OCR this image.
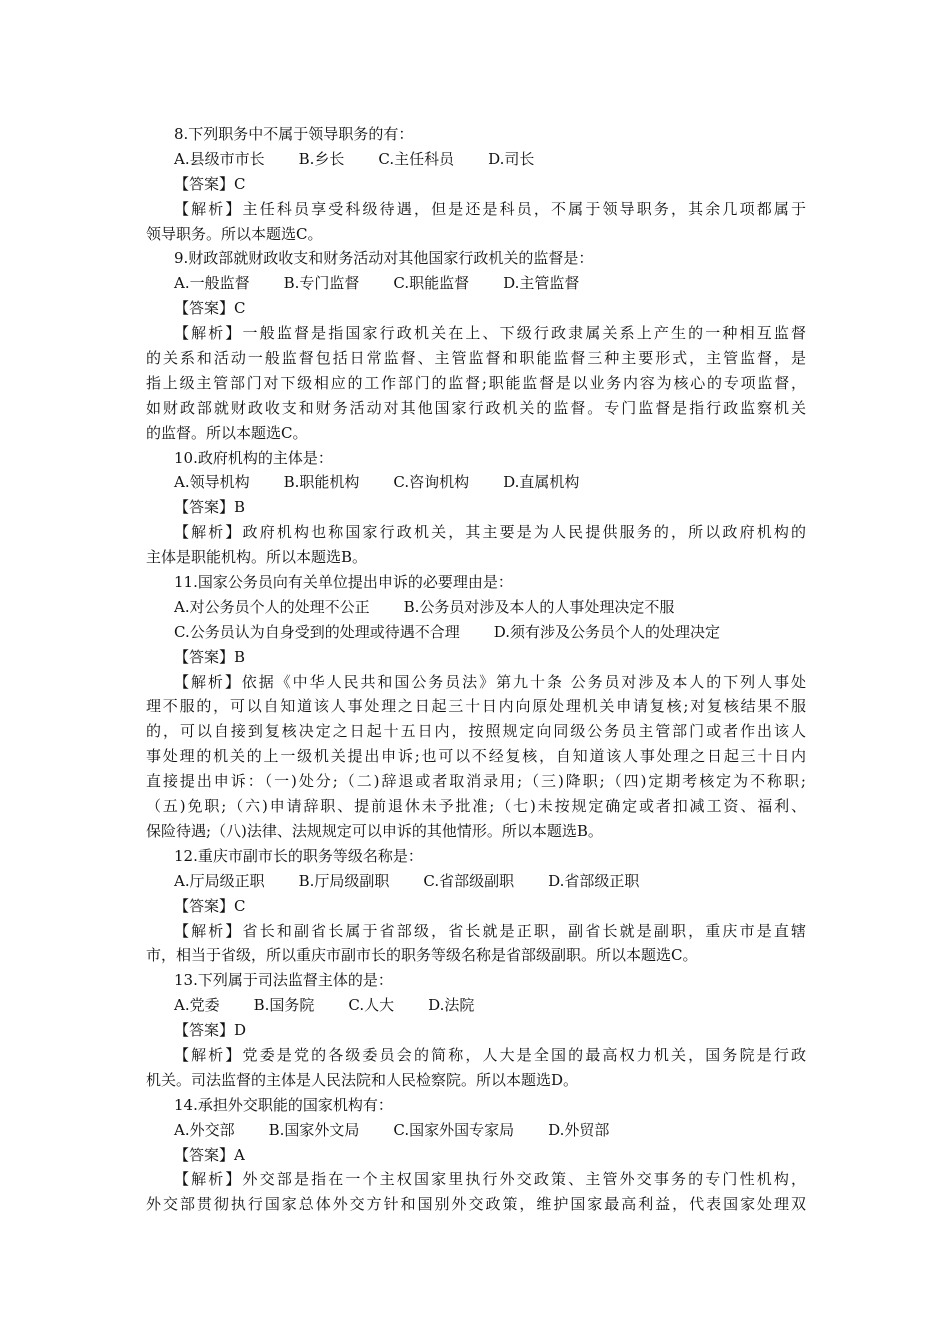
8.下列职务中不属于领导职务的有：
A.县级市市长 B.乡长 C.主任科员 D.司长
【答案】C
【解析】主任科员享受科级待遇，但是还是科员，不属于领导职务，其余几项都属于
领导职务。所以本题选C。
9.财政部就财政收支和财务活动对其他国家行政机关的监督是：
A.一般监督 B.专门监督 C.职能监督 D.主管监督
【答案】C
【解析】一般监督是指国家行政机关在上、下级行政隶属关系上产生的一种相互监督
的关系和活动一般监督包括日常监督、主管监督和职能监督三种主要形式，主管监督，是
指上级主管部门对下级相应的工作部门的监督;职能监督是以业务内容为核心的专项监督，
如财政部就财政收支和财务活动对其他国家行政机关的监督。专门监督是指行政监察机关
的监督。所以本题选C。
10.政府机构的主体是：
A.领导机构 B.职能机构 C.咨询机构 D.直属机构
【答案】B
【解析】政府机构也称国家行政机关，其主要是为人民提供服务的，所以政府机构的
主体是职能机构。所以本题选B。
11.国家公务员向有关单位提出申诉的必要理由是：
A.对公务员个人的处理不公正 B.公务员对涉及本人的人事处理决定不服
C.公务员认为自身受到的处理或待遇不合理 D.须有涉及公务员个人的处理决定
【答案】B
【解析】依据《中华人民共和国公务员法》第九十条 公务员对涉及本人的下列人事处
理不服的，可以自知道该人事处理之日起三十日内向原处理机关申请复核;对复核结果不服
的，可以自接到复核决定之日起十五日内，按照规定向同级公务员主管部门或者作出该人
事处理的机关的上一级机关提出申诉;也可以不经复核，自知道该人事处理之日起三十日内
直接提出申诉：（一)处分;（二)辞退或者取消录用;（三)降职;（四)定期考核定为不称职;
（五)免职;（六)申请辞职、提前退休未予批准;（七)未按规定确定或者扣减工资、福利、
保险待遇;（八)法律、法规规定可以申诉的其他情形。所以本题选B。
12.重庆市副市长的职务等级名称是：
A.厅局级正职 B.厅局级副职 C.省部级副职 D.省部级正职
【答案】C
【解析】省长和副省长属于省部级，省长就是正职，副省长就是副职，重庆市是直辖
市，相当于省级，所以重庆市副市长的职务等级名称是省部级副职。所以本题选C。
13.下列属于司法监督主体的是：
A.党委 B.国务院 C.人大 D.法院
【答案】D
【解析】党委是党的各级委员会的简称，人大是全国的最高权力机关，国务院是行政
机关。司法监督的主体是人民法院和人民检察院。所以本题选D。
14.承担外交职能的国家机构有：
A.外交部 B.国家外文局 C.国家外国专家局 D.外贸部
【答案】A
【解析】外交部是指在一个主权国家里执行外交政策、主管外交事务的专门性机构，
外交部贯彻执行国家总体外交方针和国别外交政策，维护国家最高利益，代表国家处理双
